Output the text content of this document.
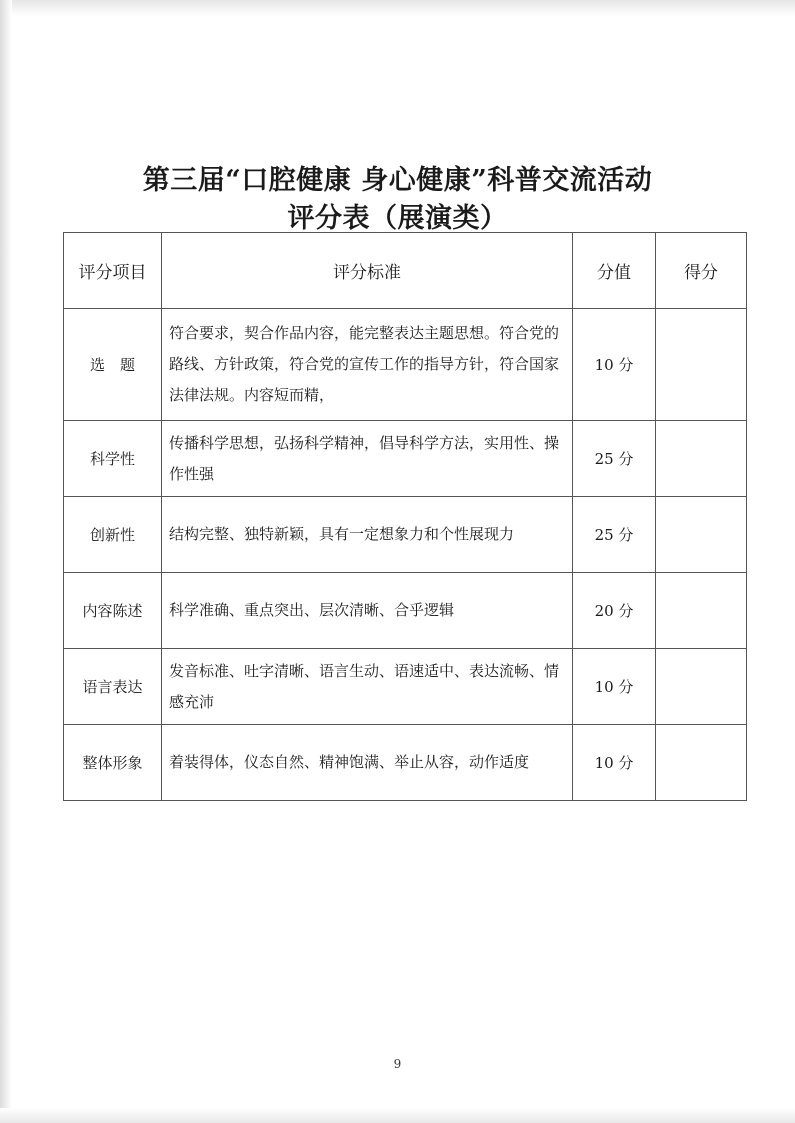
第三届“口腔健康 身心健康”科普交流活动
评分表（展演类）
评分项目	评分标准	分值	得分
选　题	符合要求，契合作品内容，能完整表达主题思想。符合党的路线、方针政策，符合党的宣传工作的指导方针，符合国家法律法规。内容短而精，	10 分	
科学性	传播科学思想，弘扬科学精神，倡导科学方法，实用性、操作性强	25 分	
创新性	结构完整、独特新颖，具有一定想象力和个性展现力	25 分	
内容陈述	科学准确、重点突出、层次清晰、合乎逻辑	20 分	
语言表达	发音标准、吐字清晰、语言生动、语速适中、表达流畅、情感充沛	10 分	
整体形象	着装得体，仪态自然、精神饱满、举止从容，动作适度	10 分	
9
